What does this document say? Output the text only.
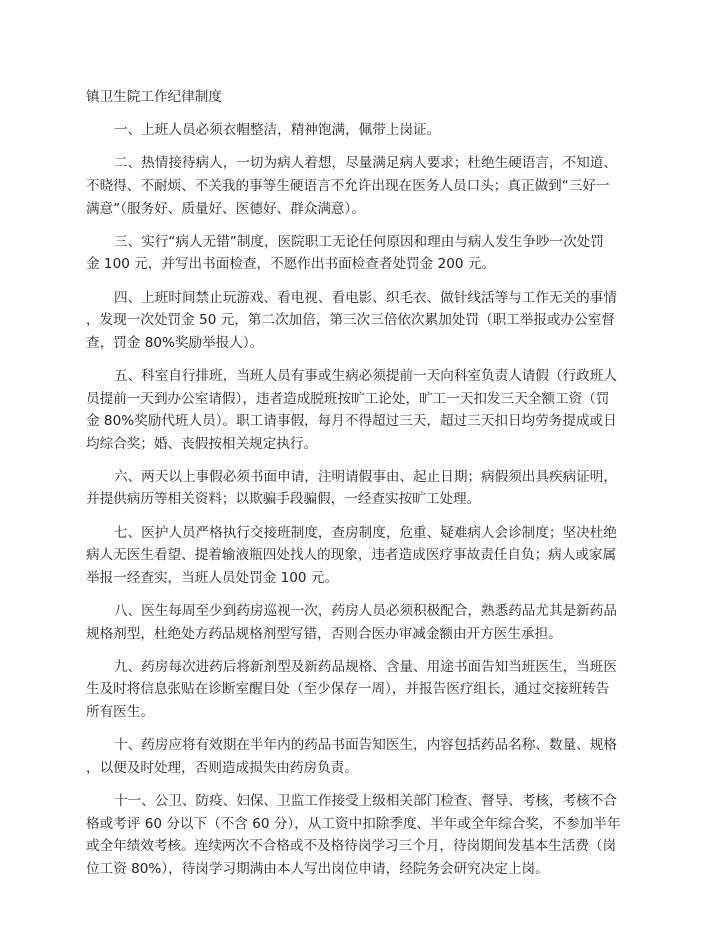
镇卫生院工作纪律制度
一、上班人员必须衣帽整洁，精神饱满，佩带上岗证。
二、热情接待病人，一切为病人着想，尽量满足病人要求；杜绝生硬语言，不知道、
不晓得、不耐烦、不关我的事等生硬语言不允许出现在医务人员口头；真正做到“三好一
满意”（服务好、质量好、医德好、群众满意）。
三、实行“病人无错”制度，医院职工无论任何原因和理由与病人发生争吵一次处罚
金 100 元，并写出书面检查，不愿作出书面检查者处罚金 200 元。
四、上班时间禁止玩游戏、看电视、看电影、织毛衣、做针线活等与工作无关的事情
，发现一次处罚金 50 元，第二次加倍，第三次三倍依次累加处罚（职工举报或办公室督
查，罚金 80%奖励举报人）。
五、科室自行排班，当班人员有事或生病必须提前一天向科室负责人请假（行政班人
员提前一天到办公室请假），违者造成脱班按旷工论处，旷工一天扣发三天全额工资（罚
金 80%奖励代班人员）。职工请事假，每月不得超过三天，超过三天扣日均劳务提成或日
均综合奖；婚、丧假按相关规定执行。
六、两天以上事假必须书面申请，注明请假事由、起止日期；病假须出具疾病证明，
并提供病历等相关资料；以欺骗手段骗假，一经查实按旷工处理。
七、医护人员严格执行交接班制度，查房制度，危重、疑难病人会诊制度；坚决杜绝
病人无医生看望、提着输液瓶四处找人的现象，违者造成医疗事故责任自负；病人或家属
举报一经查实，当班人员处罚金 100 元。
八、医生每周至少到药房巡视一次，药房人员必须积极配合，熟悉药品尤其是新药品
规格剂型，杜绝处方药品规格剂型写错，否则合医办审减金额由开方医生承担。
九、药房每次进药后将新剂型及新药品规格、含量、用途书面告知当班医生，当班医
生及时将信息张贴在诊断室醒目处（至少保存一周），并报告医疗组长，通过交接班转告
所有医生。
十、药房应将有效期在半年内的药品书面告知医生，内容包括药品名称、数量、规格
，以便及时处理，否则造成损失由药房负责。
十一、公卫、防疫、妇保、卫监工作接受上级相关部门检查、督导、考核，考核不合
格或考评 60 分以下（不含 60 分），从工资中扣除季度、半年或全年综合奖，不参加半年
或全年绩效考核。连续两次不合格或不及格待岗学习三个月，待岗期间发基本生活费（岗
位工资 80%），待岗学习期满由本人写出岗位申请，经院务会研究决定上岗。
